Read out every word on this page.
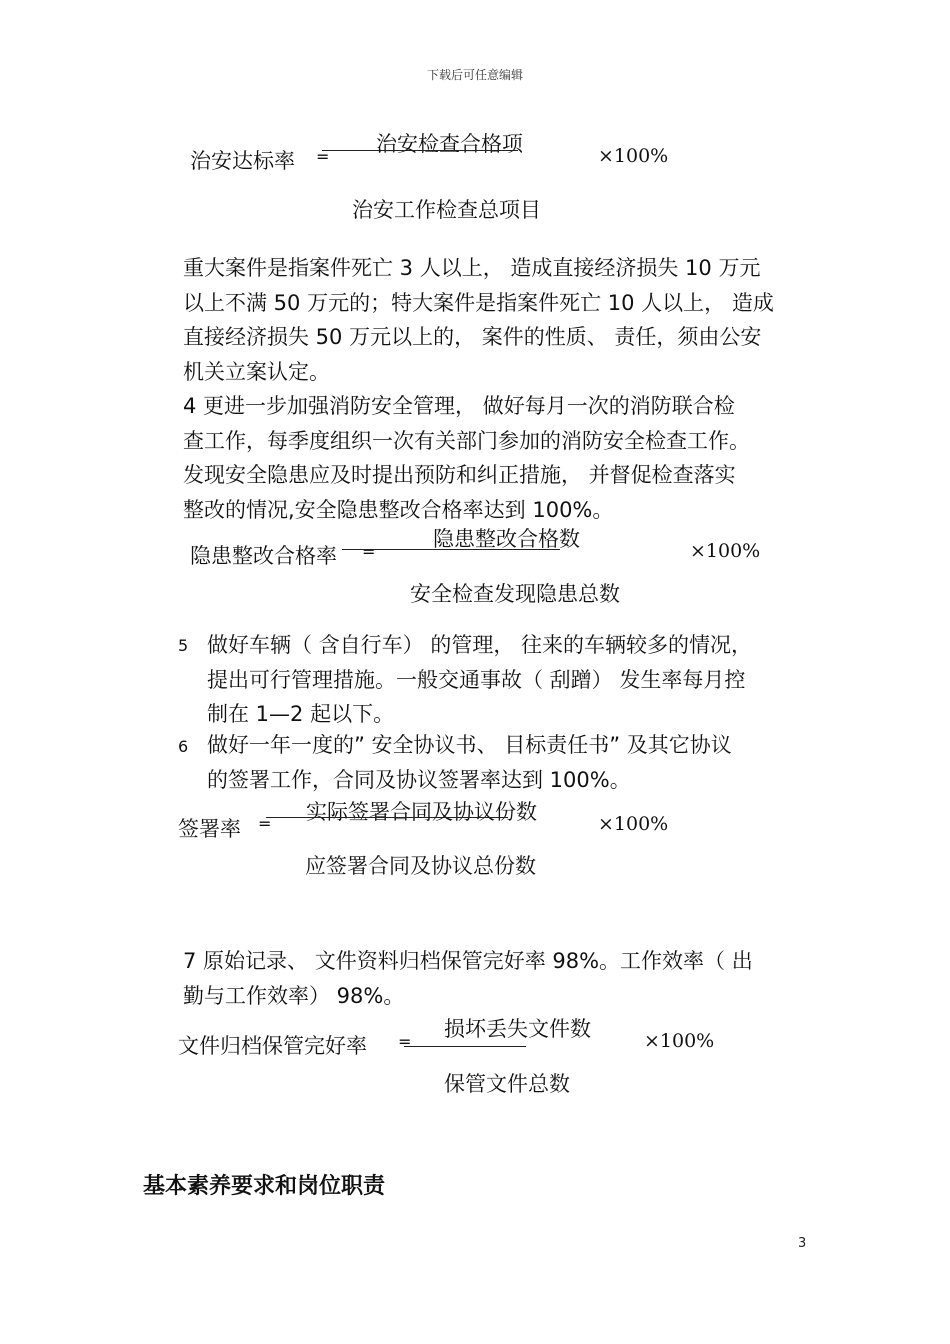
下载后可任意编辑
治安达标率 =
治安检查合格项	×100%
治安工作检查总项目
重大案件是指案件死亡 3 人以上， 造成直接经济损失 10 万元
以上不满 50 万元的；特大案件是指案件死亡 10 人以上， 造成
直接经济损失 50 万元以上的， 案件的性质、 责任，须由公安
机关立案认定。
4 更进一步加强消防安全管理， 做好每月一次的消防联合检
查工作，每季度组织一次有关部门参加的消防安全检查工作。
发现安全隐患应及时提出预防和纠正措施， 并督促检查落实
整改的情况,安全隐患整改合格率达到 100%。
隐患整改合格率 =
隐患整改合格数	×100%
安全检查发现隐患总数
5 做好车辆（ 含自行车） 的管理， 往来的车辆较多的情况，
提出可行管理措施。一般交通事故（ 刮蹭） 发生率每月控
制在 1—2 起以下。
6 做好一年一度的” 安全协议书、 目标责任书” 及其它协议
的签署工作，合同及协议签署率达到 100%。
签署率 = 实际签署合同及协议份数	×100%
应签署合同及协议总份数
7 原始记录、 文件资料归档保管完好率 98%。工作效率（ 出
勤与工作效率） 98%。
文件归档保管完好率 =
损坏丢失文件数	×100%
保管文件总数
基本素养要求和岗位职责
3
